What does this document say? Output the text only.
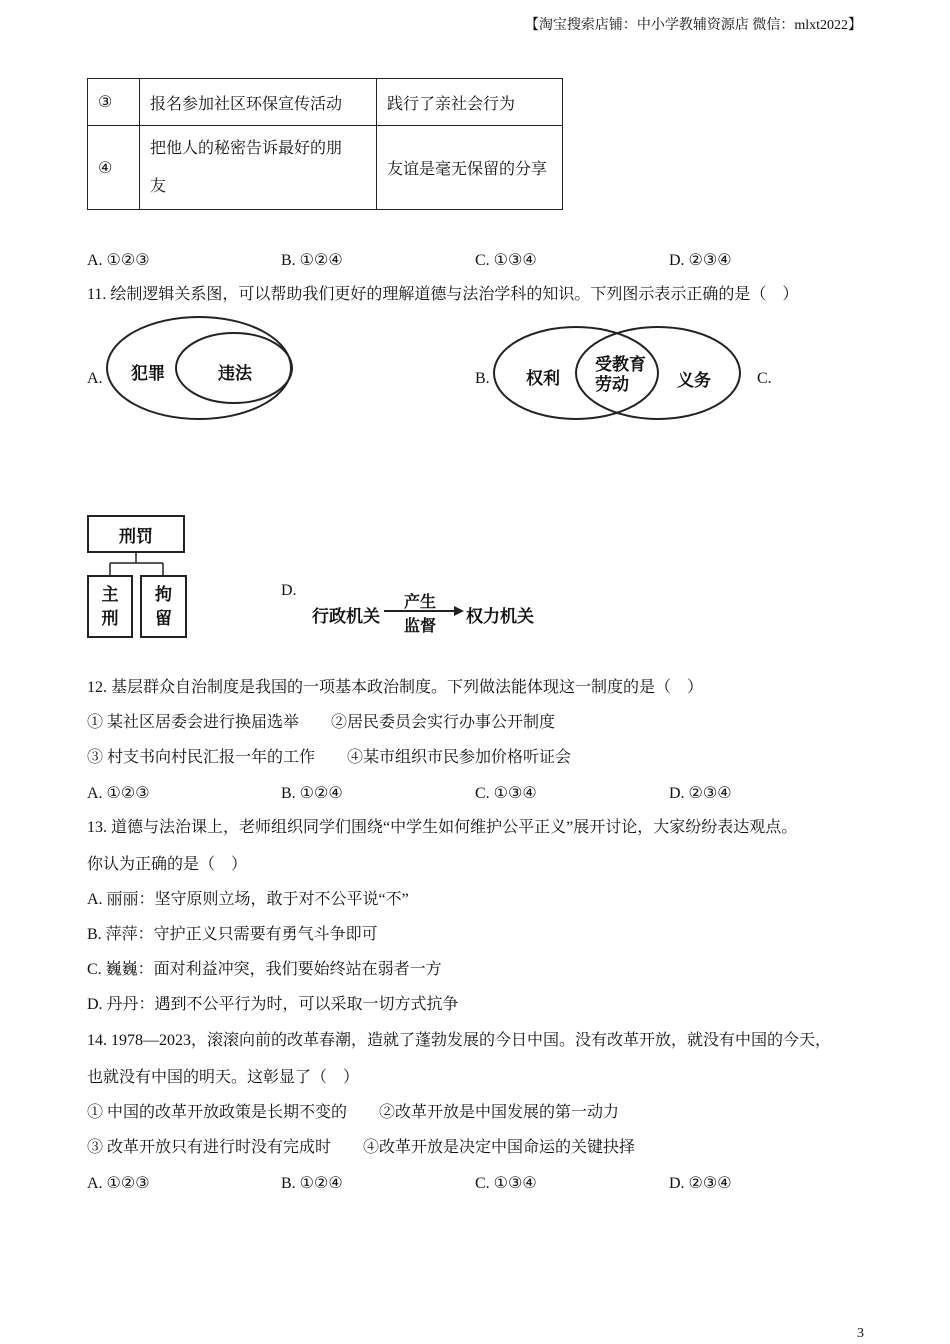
【淘宝搜索店铺：中小学教辅资源店 微信：mlxt2022】
③	报名参加社区环保宣传活动	践行了亲社会行为
④	把他人的秘密告诉最好的朋
友	友谊是毫无保留的分享
A. ①②③	B. ①②④	C. ①③④	D. ②③④
11. 绘制逻辑关系图，可以帮助我们更好的理解道德与法治学科的知识。下列图示表示正确的是（　）
A. 犯罪	违法	B. 权利
受教育
劳动	义务	C.
刑罚
主
刑
拘
留
D.
行政机关
产生
监督 权力机关
12. 基层群众自治制度是我国的一项基本政治制度。下列做法能体现这一制度的是（　）
① 某社区居委会进行换届选举　　②居民委员会实行办事公开制度
③ 村支书向村民汇报一年的工作　　④某市组织市民参加价格听证会
A. ①②③	B. ①②④	C. ①③④	D. ②③④
13. 道德与法治课上，老师组织同学们围绕“中学生如何维护公平正义”展开讨论，大家纷纷表达观点。
你认为正确的是（　）
A. 丽丽：坚守原则立场，敢于对不公平说“不”
B. 萍萍：守护正义只需要有勇气斗争即可
C. 巍巍：面对利益冲突，我们要始终站在弱者一方
D. 丹丹：遇到不公平行为时，可以采取一切方式抗争
14. 1978—2023，滚滚向前的改革春潮，造就了蓬勃发展的今日中国。没有改革开放，就没有中国的今天，
也就没有中国的明天。这彰显了（　）
① 中国的改革开放政策是长期不变的　　②改革开放是中国发展的第一动力
③ 改革开放只有进行时没有完成时　　④改革开放是决定中国命运的关键抉择
A. ①②③	B. ①②④	C. ①③④	D. ②③④
3
